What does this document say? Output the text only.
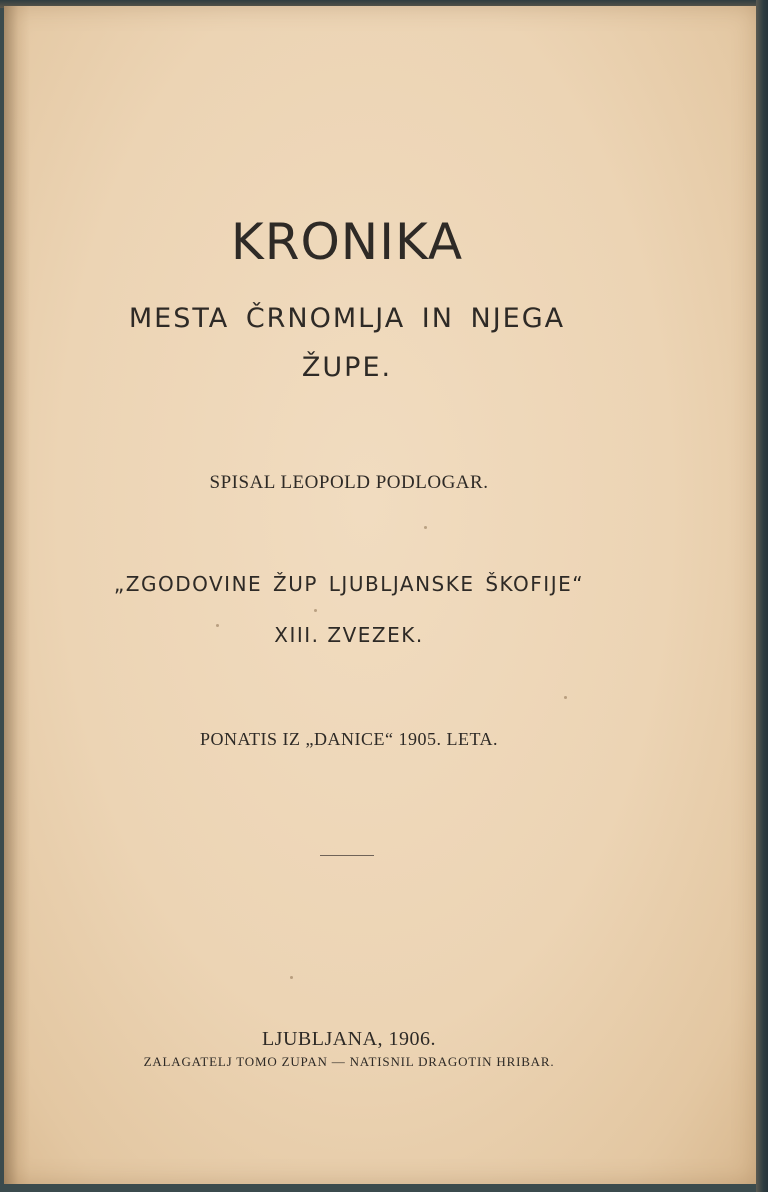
KRONIKA
MESTA ČRNOMLJA IN NJEGA
ŽUPE.
SPISAL LEOPOLD PODLOGAR.
„ZGODOVINE ŽUP LJUBLJANSKE ŠKOFIJE“
XIII. ZVEZEK.
PONATIS IZ „DANICE“ 1905. LETA.
LJUBLJANA, 1906.
ZALAGATELJ TOMO ZUPAN — NATISNIL DRAGOTIN HRIBAR.
